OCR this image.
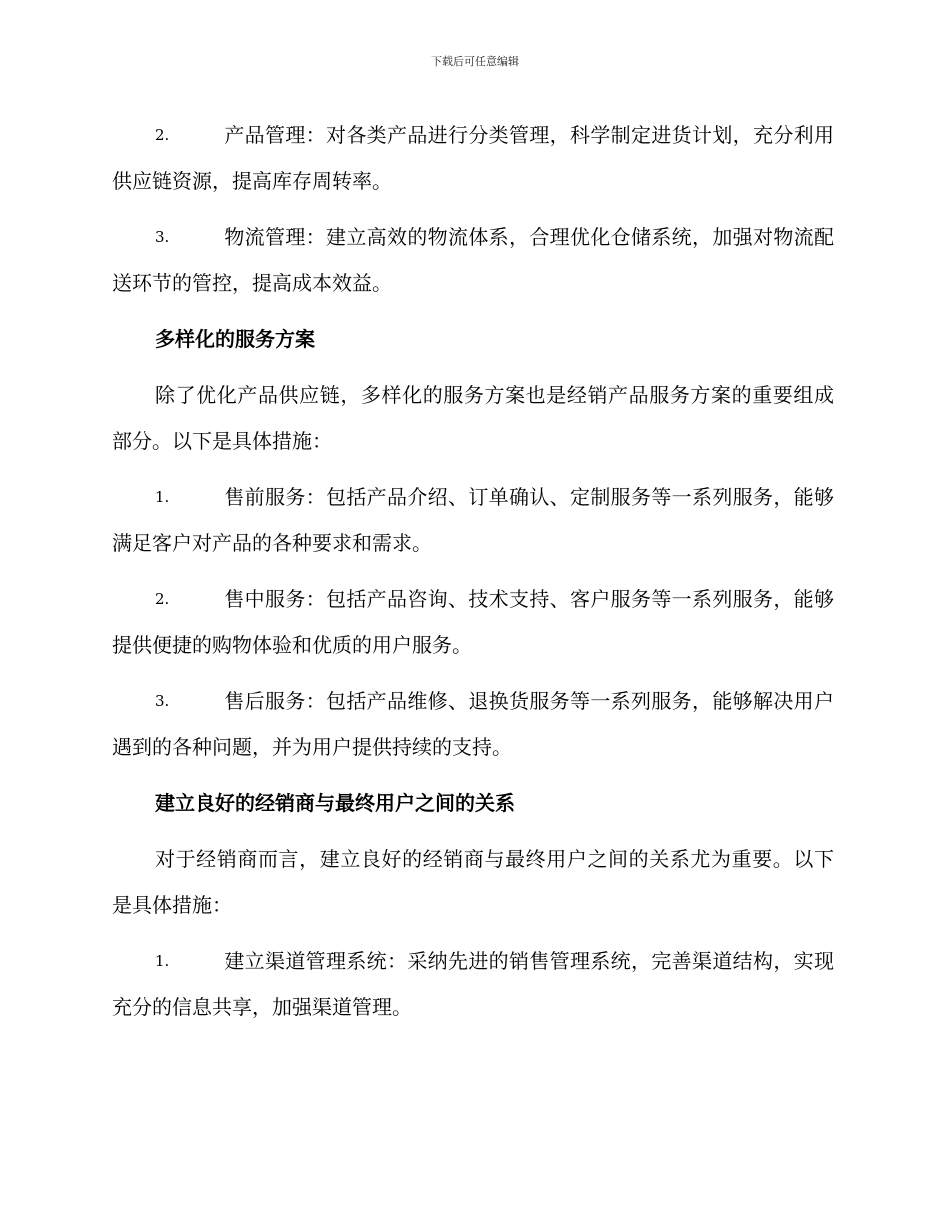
下载后可任意编辑
2.	产品管理：对各类产品进行分类管理，科学制定进货计划，充分利用供应链资源，提高库存周转率。
3.	物流管理：建立高效的物流体系，合理优化仓储系统，加强对物流配送环节的管控，提高成本效益。
多样化的服务方案
除了优化产品供应链，多样化的服务方案也是经销产品服务方案的重要组成部分。以下是具体措施：
1.	售前服务：包括产品介绍、订单确认、定制服务等一系列服务，能够满足客户对产品的各种要求和需求。
2.	售中服务：包括产品咨询、技术支持、客户服务等一系列服务，能够提供便捷的购物体验和优质的用户服务。
3.	售后服务：包括产品维修、退换货服务等一系列服务，能够解决用户遇到的各种问题，并为用户提供持续的支持。
建立良好的经销商与最终用户之间的关系
对于经销商而言，建立良好的经销商与最终用户之间的关系尤为重要。以下是具体措施：
1.	建立渠道管理系统：采纳先进的销售管理系统，完善渠道结构，实现充分的信息共享，加强渠道管理。
